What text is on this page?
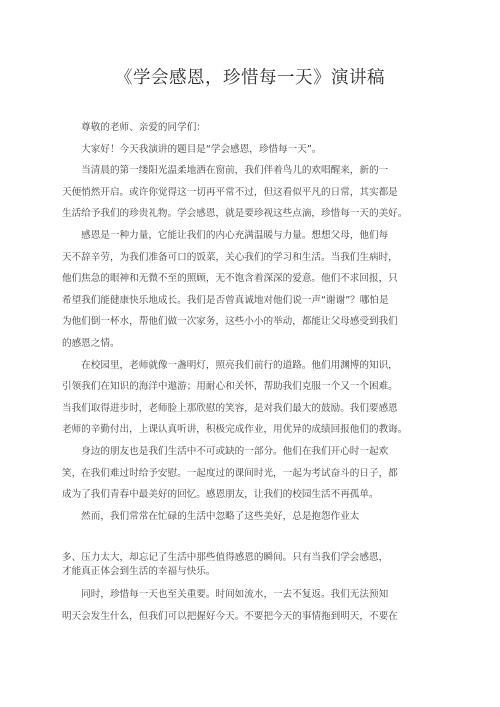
《学会感恩，珍惜每一天》演讲稿
　　尊敬的老师、亲爱的同学们：
　　大家好！今天我演讲的题目是“学会感恩，珍惜每一天”。
　　当清晨的第一缕阳光温柔地洒在窗前，我们伴着鸟儿的欢唱醒来，新的一
天便悄然开启。或许你觉得这一切再平常不过，但这看似平凡的日常，其实都是
生活给予我们的珍贵礼物。学会感恩，就是要珍视这些点滴，珍惜每一天的美好。
　　感恩是一种力量，它能让我们的内心充满温暖与力量。想想父母，他们每
天不辞辛劳，为我们准备可口的饭菜，关心我们的学习和生活。当我们生病时，
他们焦急的眼神和无微不至的照顾，无不饱含着深深的爱意。他们不求回报，只
希望我们能健康快乐地成长。我们是否曾真诚地对他们说一声“谢谢”？哪怕是
为他们倒一杯水，帮他们做一次家务，这些小小的举动，都能让父母感受到我们
的感恩之情。
　　在校园里，老师就像一盏明灯，照亮我们前行的道路。他们用渊博的知识，
引领我们在知识的海洋中遨游；用耐心和关怀，帮助我们克服一个又一个困难。
当我们取得进步时，老师脸上那欣慰的笑容，是对我们最大的鼓励。我们要感恩
老师的辛勤付出，上课认真听讲，积极完成作业，用优异的成绩回报他们的教诲。
　　身边的朋友也是我们生活中不可或缺的一部分。他们在我们开心时一起欢
笑，在我们难过时给予安慰。一起度过的课间时光，一起为考试奋斗的日子，都
成为了我们青春中最美好的回忆。感恩朋友，让我们的校园生活不再孤单。
　　然而，我们常常在忙碌的生活中忽略了这些美好，总是抱怨作业太
多、压力太大，却忘记了生活中那些值得感恩的瞬间。只有当我们学会感恩，
才能真正体会到生活的幸福与快乐。
　　同时，珍惜每一天也至关重要。时间如流水，一去不复返。我们无法预知
明天会发生什么，但我们可以把握好今天。不要把今天的事情拖到明天，不要在
